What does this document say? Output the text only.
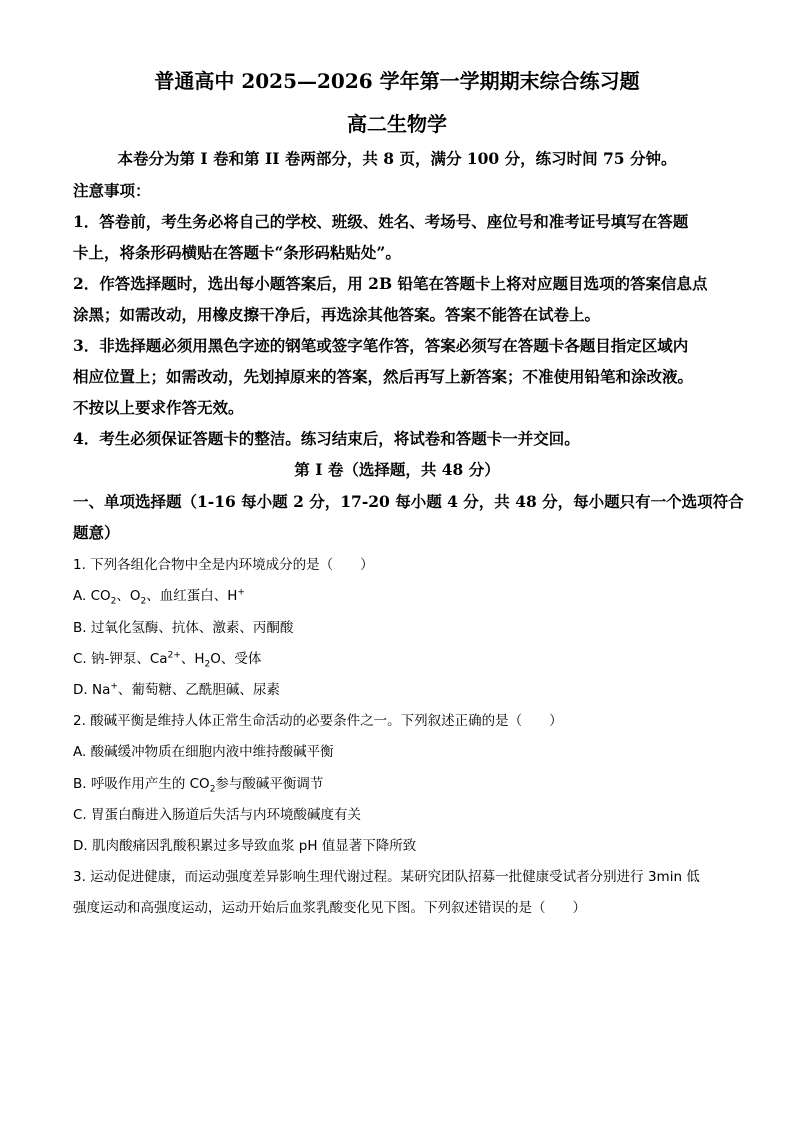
普通高中 2025—2026 学年第一学期期末综合练习题
高二生物学
本卷分为第 I 卷和第 II 卷两部分，共 8 页，满分 100 分，练习时间 75 分钟。
注意事项：
1．答卷前，考生务必将自己的学校、班级、姓名、考场号、座位号和准考证号填写在答题
卡上，将条形码横贴在答题卡“条形码粘贴处”。
2．作答选择题时，选出每小题答案后，用 2B 铅笔在答题卡上将对应题目选项的答案信息点
涂黑；如需改动，用橡皮擦干净后，再选涂其他答案。答案不能答在试卷上。
3．非选择题必须用黑色字迹的钢笔或签字笔作答，答案必须写在答题卡各题目指定区域内
相应位置上；如需改动，先划掉原来的答案，然后再写上新答案；不准使用铅笔和涂改液。
不按以上要求作答无效。
4．考生必须保证答题卡的整洁。练习结束后，将试卷和答题卡一并交回。
第 I 卷（选择题，共 48 分）
一、单项选择题（1-16 每小题 2 分，17-20 每小题 4 分，共 48 分，每小题只有一个选项符合
题意）
1. 下列各组化合物中全是内环境成分的是（　　）
A. $CO_2$、$O_2$、血红蛋白、H+
B. 过氧化氢酶、抗体、激素、丙酮酸
C. 钠-钾泵、$Ca^{2+}$、$H_2O$、受体
D. Na+、葡萄糖、乙酰胆碱、尿素
2. 酸碱平衡是维持人体正常生命活动的必要条件之一。下列叙述正确的是（　　）
A. 酸碱缓冲物质在细胞内液中维持酸碱平衡
B. 呼吸作用产生的 $CO_2$参与酸碱平衡调节
C. 胃蛋白酶进入肠道后失活与内环境酸碱度有关
D. 肌肉酸痛因乳酸积累过多导致血浆 pH 值显著下降所致
3. 运动促进健康，而运动强度差异影响生理代谢过程。某研究团队招募一批健康受试者分别进行 3min 低
强度运动和高强度运动，运动开始后血浆乳酸变化见下图。下列叙述错误的是（　　）
